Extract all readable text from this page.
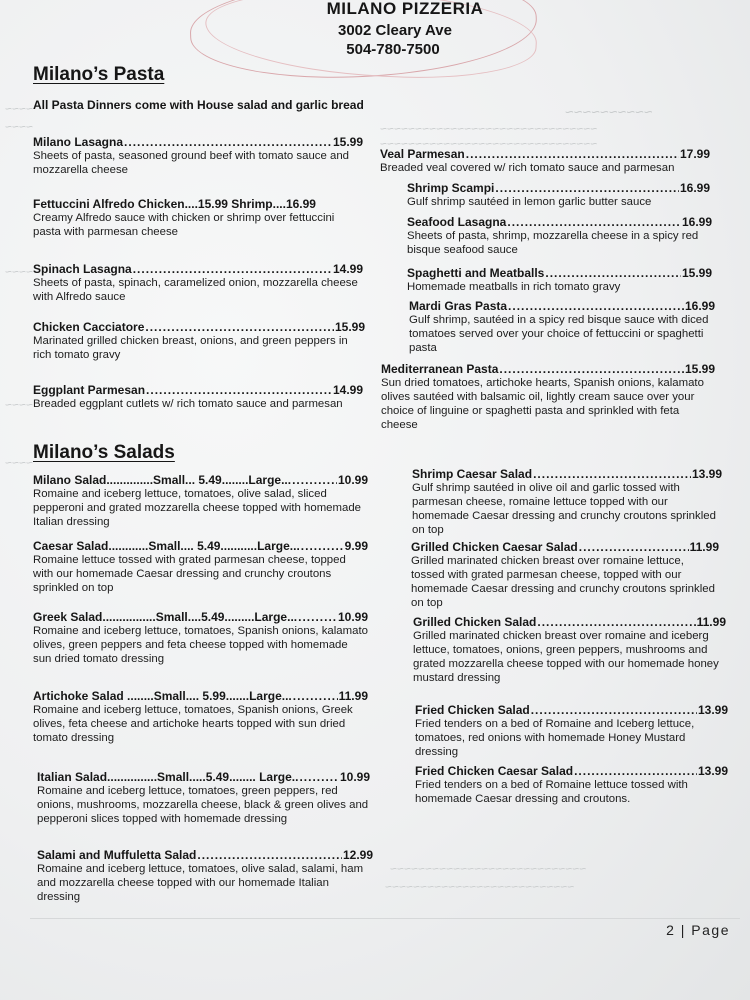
~~~~~~~~~~
~~~~~~~~~~~~~~~~~~~~~~~~~~~~~~~
~~~~~~~~~~~~~~~~~~~~~~~~~~~~~~~
~~~~
~~~~
~~~~
~~~~
~~~~
~~~~~~~~~~~~~~~~~~~~~~~~~~~~
~~~~~~~~~~~~~~~~~~~~~~~~~~~
MILANO PIZZERIA
3002 Cleary Ave
504-780-7500
Milano’s Pasta
All Pasta Dinners come with House salad and garlic bread
Milano Lasagna .....	15.99
Sheets of pasta, seasoned ground beef with tomato sauce and mozzarella cheese
Fettuccini Alfredo Chicken....15.99 Shrimp.... 16.99
Creamy Alfredo sauce with chicken or shrimp over fettuccini pasta with parmesan cheese
Spinach Lasagna .....	14.99
Sheets of pasta, spinach, caramelized onion, mozzarella cheese with Alfredo sauce
Chicken Cacciatore .....	15.99
Marinated grilled chicken breast, onions, and green peppers in rich tomato gravy
Eggplant Parmesan .....	14.99
Breaded eggplant cutlets w/ rich tomato sauce and parmesan
Veal Parmesan .....	17.99
Breaded veal covered w/ rich tomato sauce and parmesan
Shrimp Scampi .....	16.99
Gulf shrimp sautéed in lemon garlic butter sauce
Seafood Lasagna .....	16.99
Sheets of pasta, shrimp, mozzarella cheese in a spicy red bisque seafood sauce
Spaghetti and Meatballs .....	15.99
Homemade meatballs in rich tomato gravy
Mardi Gras Pasta .....	16.99
Gulf shrimp, sautéed in a spicy red bisque sauce with diced tomatoes served over your choice of fettuccini or spaghetti pasta
Mediterranean Pasta .....	15.99
Sun dried tomatoes, artichoke hearts, Spanish onions, kalamato olives sautéed with balsamic oil, lightly cream sauce over your choice of linguine or spaghetti pasta and sprinkled with feta cheese
Milano’s Salads
Milano Salad..............Small... 5.49........Large... .....	10.99
Romaine and iceberg lettuce, tomatoes, olive salad, sliced pepperoni and grated mozzarella cheese topped with homemade Italian dressing
Caesar Salad............Small.... 5.49...........Large... .....	9.99
Romaine lettuce tossed with grated parmesan cheese, topped with our homemade Caesar dressing and crunchy croutons sprinkled on top
Greek Salad................Small....5.49.........Large... .....	10.99
Romaine and iceberg lettuce, tomatoes, Spanish onions, kalamato olives, green peppers and feta cheese topped with homemade sun dried tomato dressing
Artichoke Salad ........Small.... 5.99.......Large... .....	11.99
Romaine and iceberg lettuce, tomatoes, Spanish onions, Greek olives, feta cheese and artichoke hearts topped with sun dried tomato dressing
Italian Salad...............Small.....5.49........ Large.. .....	10.99
Romaine and iceberg lettuce, tomatoes, green peppers, red onions, mushrooms, mozzarella cheese, black & green olives and pepperoni slices topped with homemade dressing
Salami and Muffuletta Salad .....	12.99
Romaine and iceberg lettuce, tomatoes, olive salad, salami, ham and mozzarella cheese topped with our homemade Italian dressing
Shrimp Caesar Salad .....	13.99
Gulf shrimp sautéed in olive oil and garlic tossed with parmesan cheese, romaine lettuce topped with our homemade Caesar dressing and crunchy croutons sprinkled on top
Grilled Chicken Caesar Salad .....	11.99
Grilled marinated chicken breast over romaine lettuce, tossed with grated parmesan cheese, topped with our homemade Caesar dressing and crunchy croutons sprinkled on top
Grilled Chicken Salad .....	11.99
Grilled marinated chicken breast over romaine and iceberg lettuce, tomatoes, onions, green peppers, mushrooms and grated mozzarella cheese topped with our homemade honey mustard dressing
Fried Chicken Salad .....	13.99
Fried tenders on a bed of Romaine and Iceberg lettuce, tomatoes, red onions with homemade Honey Mustard dressing
Fried Chicken Caesar Salad .....	13.99
Fried tenders on a bed of Romaine lettuce tossed with homemade Caesar dressing and croutons.
2 | Page
